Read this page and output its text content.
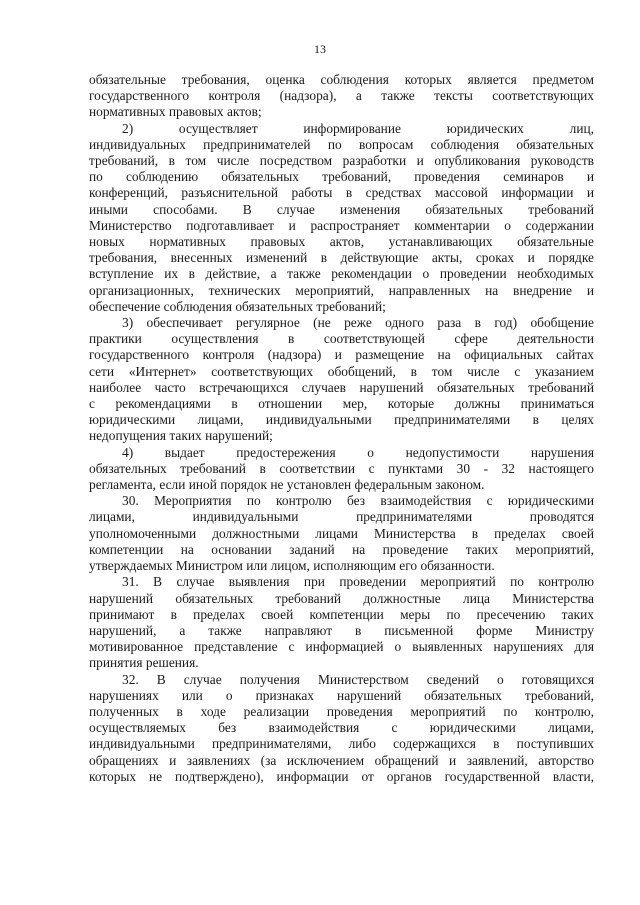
13
обязательные требования, оценка соблюдения которых является предметом
государственного контроля (надзора), а также тексты соответствующих
нормативных правовых актов;
2) осуществляет информирование юридических лиц,
индивидуальных предпринимателей по вопросам соблюдения обязательных
требований, в том числе посредством разработки и опубликования руководств
по соблюдению обязательных требований, проведения семинаров и
конференций, разъяснительной работы в средствах массовой информации и
иными способами. В случае изменения обязательных требований
Министерство подготавливает и распространяет комментарии о содержании
новых нормативных правовых актов, устанавливающих обязательные
требования, внесенных изменений в действующие акты, сроках и порядке
вступление их в действие, а также рекомендации о проведении необходимых
организационных, технических мероприятий, направленных на внедрение и
обеспечение соблюдения обязательных требований;
3) обеспечивает регулярное (не реже одного раза в год) обобщение
практики осуществления в соответствующей сфере деятельности
государственного контроля (надзора) и размещение на официальных сайтах
сети «Интернет» соответствующих обобщений, в том числе с указанием
наиболее часто встречающихся случаев нарушений обязательных требований
с рекомендациями в отношении мер, которые должны приниматься
юридическими лицами, индивидуальными предпринимателями в целях
недопущения таких нарушений;
4) выдает предостережения о недопустимости нарушения
обязательных требований в соответствии с пунктами 30 - 32 настоящего
регламента, если иной порядок не установлен федеральным законом.
30. Мероприятия по контролю без взаимодействия с юридическими
лицами, индивидуальными предпринимателями проводятся
уполномоченными должностными лицами Министерства в пределах своей
компетенции на основании заданий на проведение таких мероприятий,
утверждаемых Министром или лицом, исполняющим его обязанности.
31. В случае выявления при проведении мероприятий по контролю
нарушений обязательных требований должностные лица Министерства
принимают в пределах своей компетенции меры по пресечению таких
нарушений, а также направляют в письменной форме Министру
мотивированное представление с информацией о выявленных нарушениях для
принятия решения.
32. В случае получения Министерством сведений о готовящихся
нарушениях или о признаках нарушений обязательных требований,
полученных в ходе реализации проведения мероприятий по контролю,
осуществляемых без взаимодействия с юридическими лицами,
индивидуальными предпринимателями, либо содержащихся в поступивших
обращениях и заявлениях (за исключением обращений и заявлений, авторство
которых не подтверждено), информации от органов государственной власти,
